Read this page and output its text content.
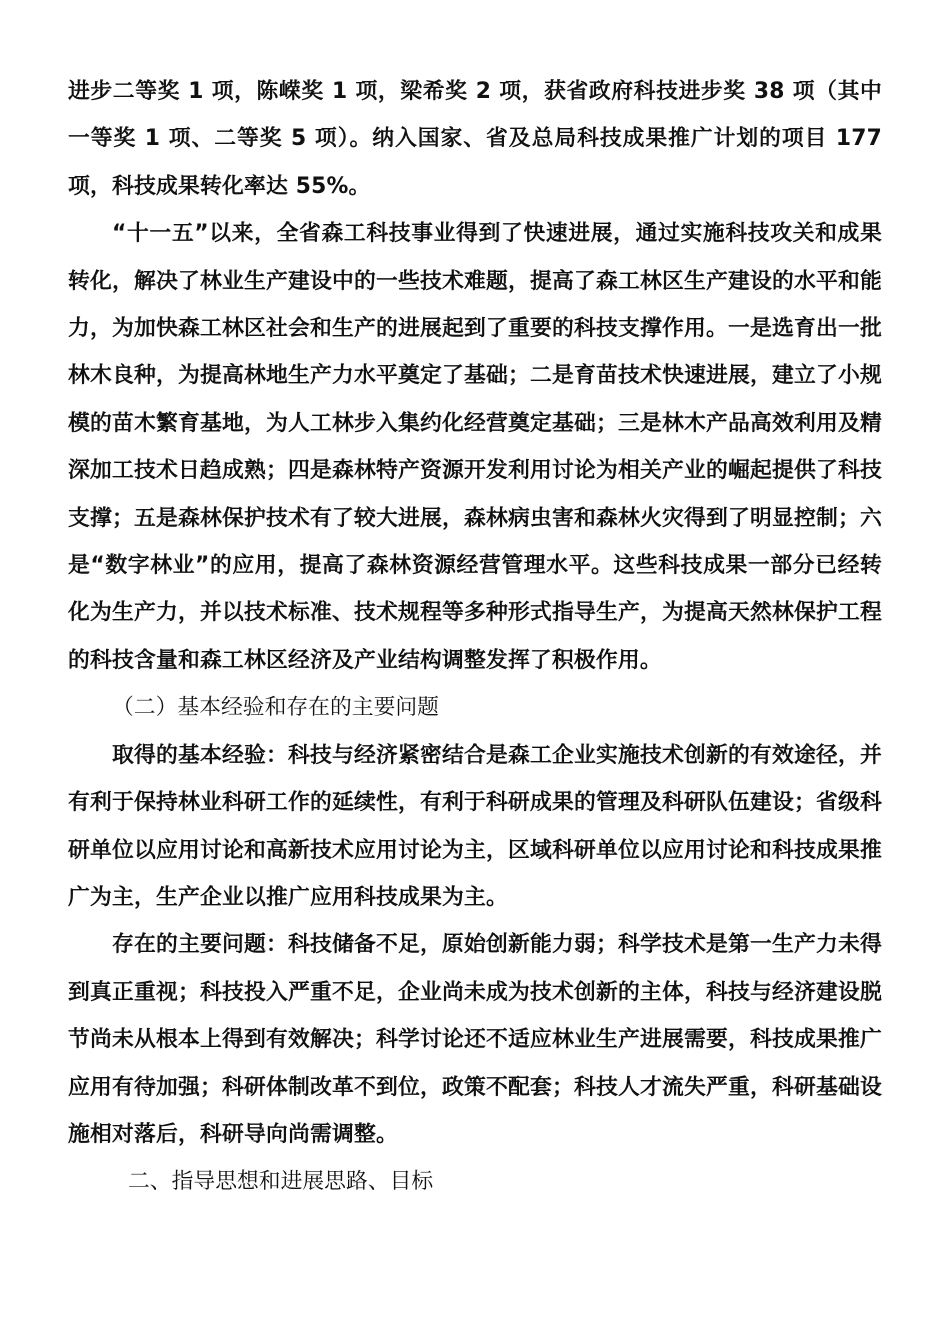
进步二等奖 1 项，陈嵘奖 1 项，梁希奖 2 项，获省政府科技进步奖 38 项（其中一等奖 1 项、二等奖 5 项）。纳入国家、省及总局科技成果推广计划的项目 177 项，科技成果转化率达 55%。

“十一五”以来，全省森工科技事业得到了快速进展，通过实施科技攻关和成果转化，解决了林业生产建设中的一些技术难题，提高了森工林区生产建设的水平和能力，为加快森工林区社会和生产的进展起到了重要的科技支撑作用。一是选育出一批林木良种，为提高林地生产力水平奠定了基础；二是育苗技术快速进展，建立了小规模的苗木繁育基地，为人工林步入集约化经营奠定基础；三是林木产品高效利用及精深加工技术日趋成熟；四是森林特产资源开发利用讨论为相关产业的崛起提供了科技支撑；五是森林保护技术有了较大进展，森林病虫害和森林火灾得到了明显控制；六是“数字林业”的应用，提高了森林资源经营管理水平。这些科技成果一部分已经转化为生产力，并以技术标准、技术规程等多种形式指导生产，为提高天然林保护工程的科技含量和森工林区经济及产业结构调整发挥了积极作用。

（二）基本经验和存在的主要问题

取得的基本经验：科技与经济紧密结合是森工企业实施技术创新的有效途径，并有利于保持林业科研工作的延续性，有利于科研成果的管理及科研队伍建设；省级科研单位以应用讨论和高新技术应用讨论为主，区域科研单位以应用讨论和科技成果推广为主，生产企业以推广应用科技成果为主。

存在的主要问题：科技储备不足，原始创新能力弱；科学技术是第一生产力未得到真正重视；科技投入严重不足，企业尚未成为技术创新的主体，科技与经济建设脱节尚未从根本上得到有效解决；科学讨论还不适应林业生产进展需要，科技成果推广应用有待加强；科研体制改革不到位，政策不配套；科技人才流失严重，科研基础设施相对落后，科研导向尚需调整。

二、指导思想和进展思路、目标
